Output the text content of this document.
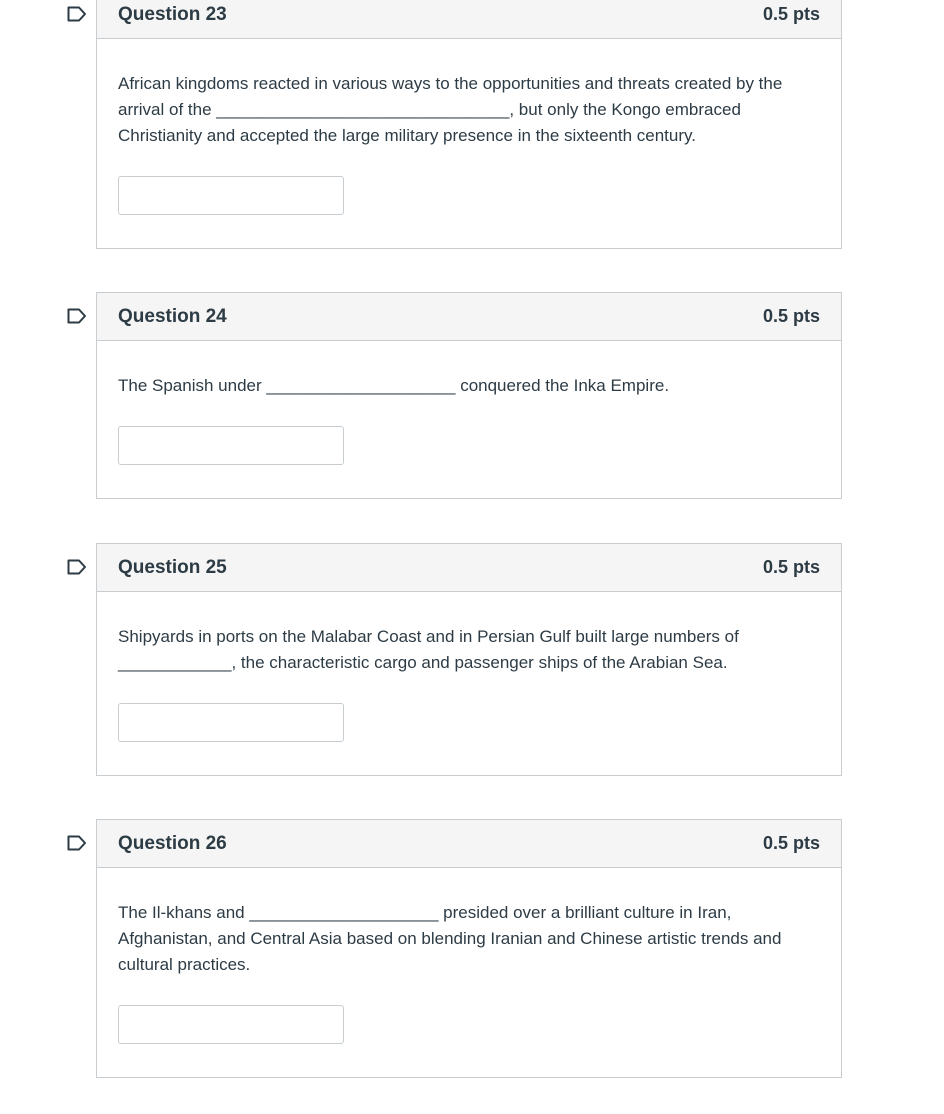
Question 23	0.5 pts

African kingdoms reacted in various ways to the opportunities and threats created by the arrival of the _______________________________, but only the Kongo embraced Christianity and accepted the large military presence in the sixteenth century.

Question 24	0.5 pts

The Spanish under ____________________ conquered the Inka Empire.

Question 25	0.5 pts

Shipyards in ports on the Malabar Coast and in Persian Gulf built large numbers of ____________, the characteristic cargo and passenger ships of the Arabian Sea.

Question 26	0.5 pts

The Il-khans and ____________________ presided over a brilliant culture in Iran, Afghanistan, and Central Asia based on blending Iranian and Chinese artistic trends and cultural practices.
